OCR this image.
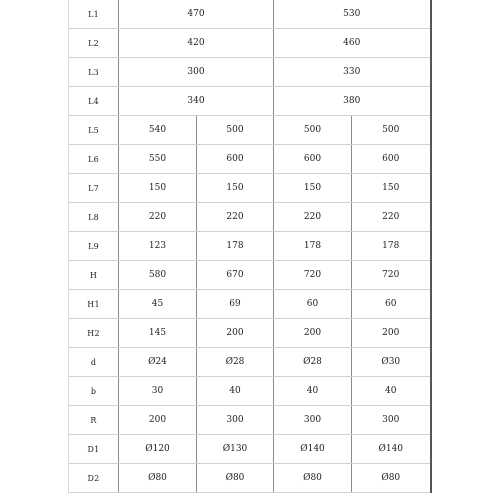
L1	470		530	
L2	420		460	
L3	300		330	
L4	340		380	
L5	540	500	500	500
L6	550	600	600	600
L7	150	150	150	150
L8	220	220	220	220
L9	123	178	178	178
H	580	670	720	720
H1	45	69	60	60
H2	145	200	200	200
d	Ø24	Ø28	Ø28	Ø30
b	30	40	40	40
R	200	300	300	300
D1	Ø120	Ø130	Ø140	Ø140
D2	Ø80	Ø80	Ø80	Ø80
